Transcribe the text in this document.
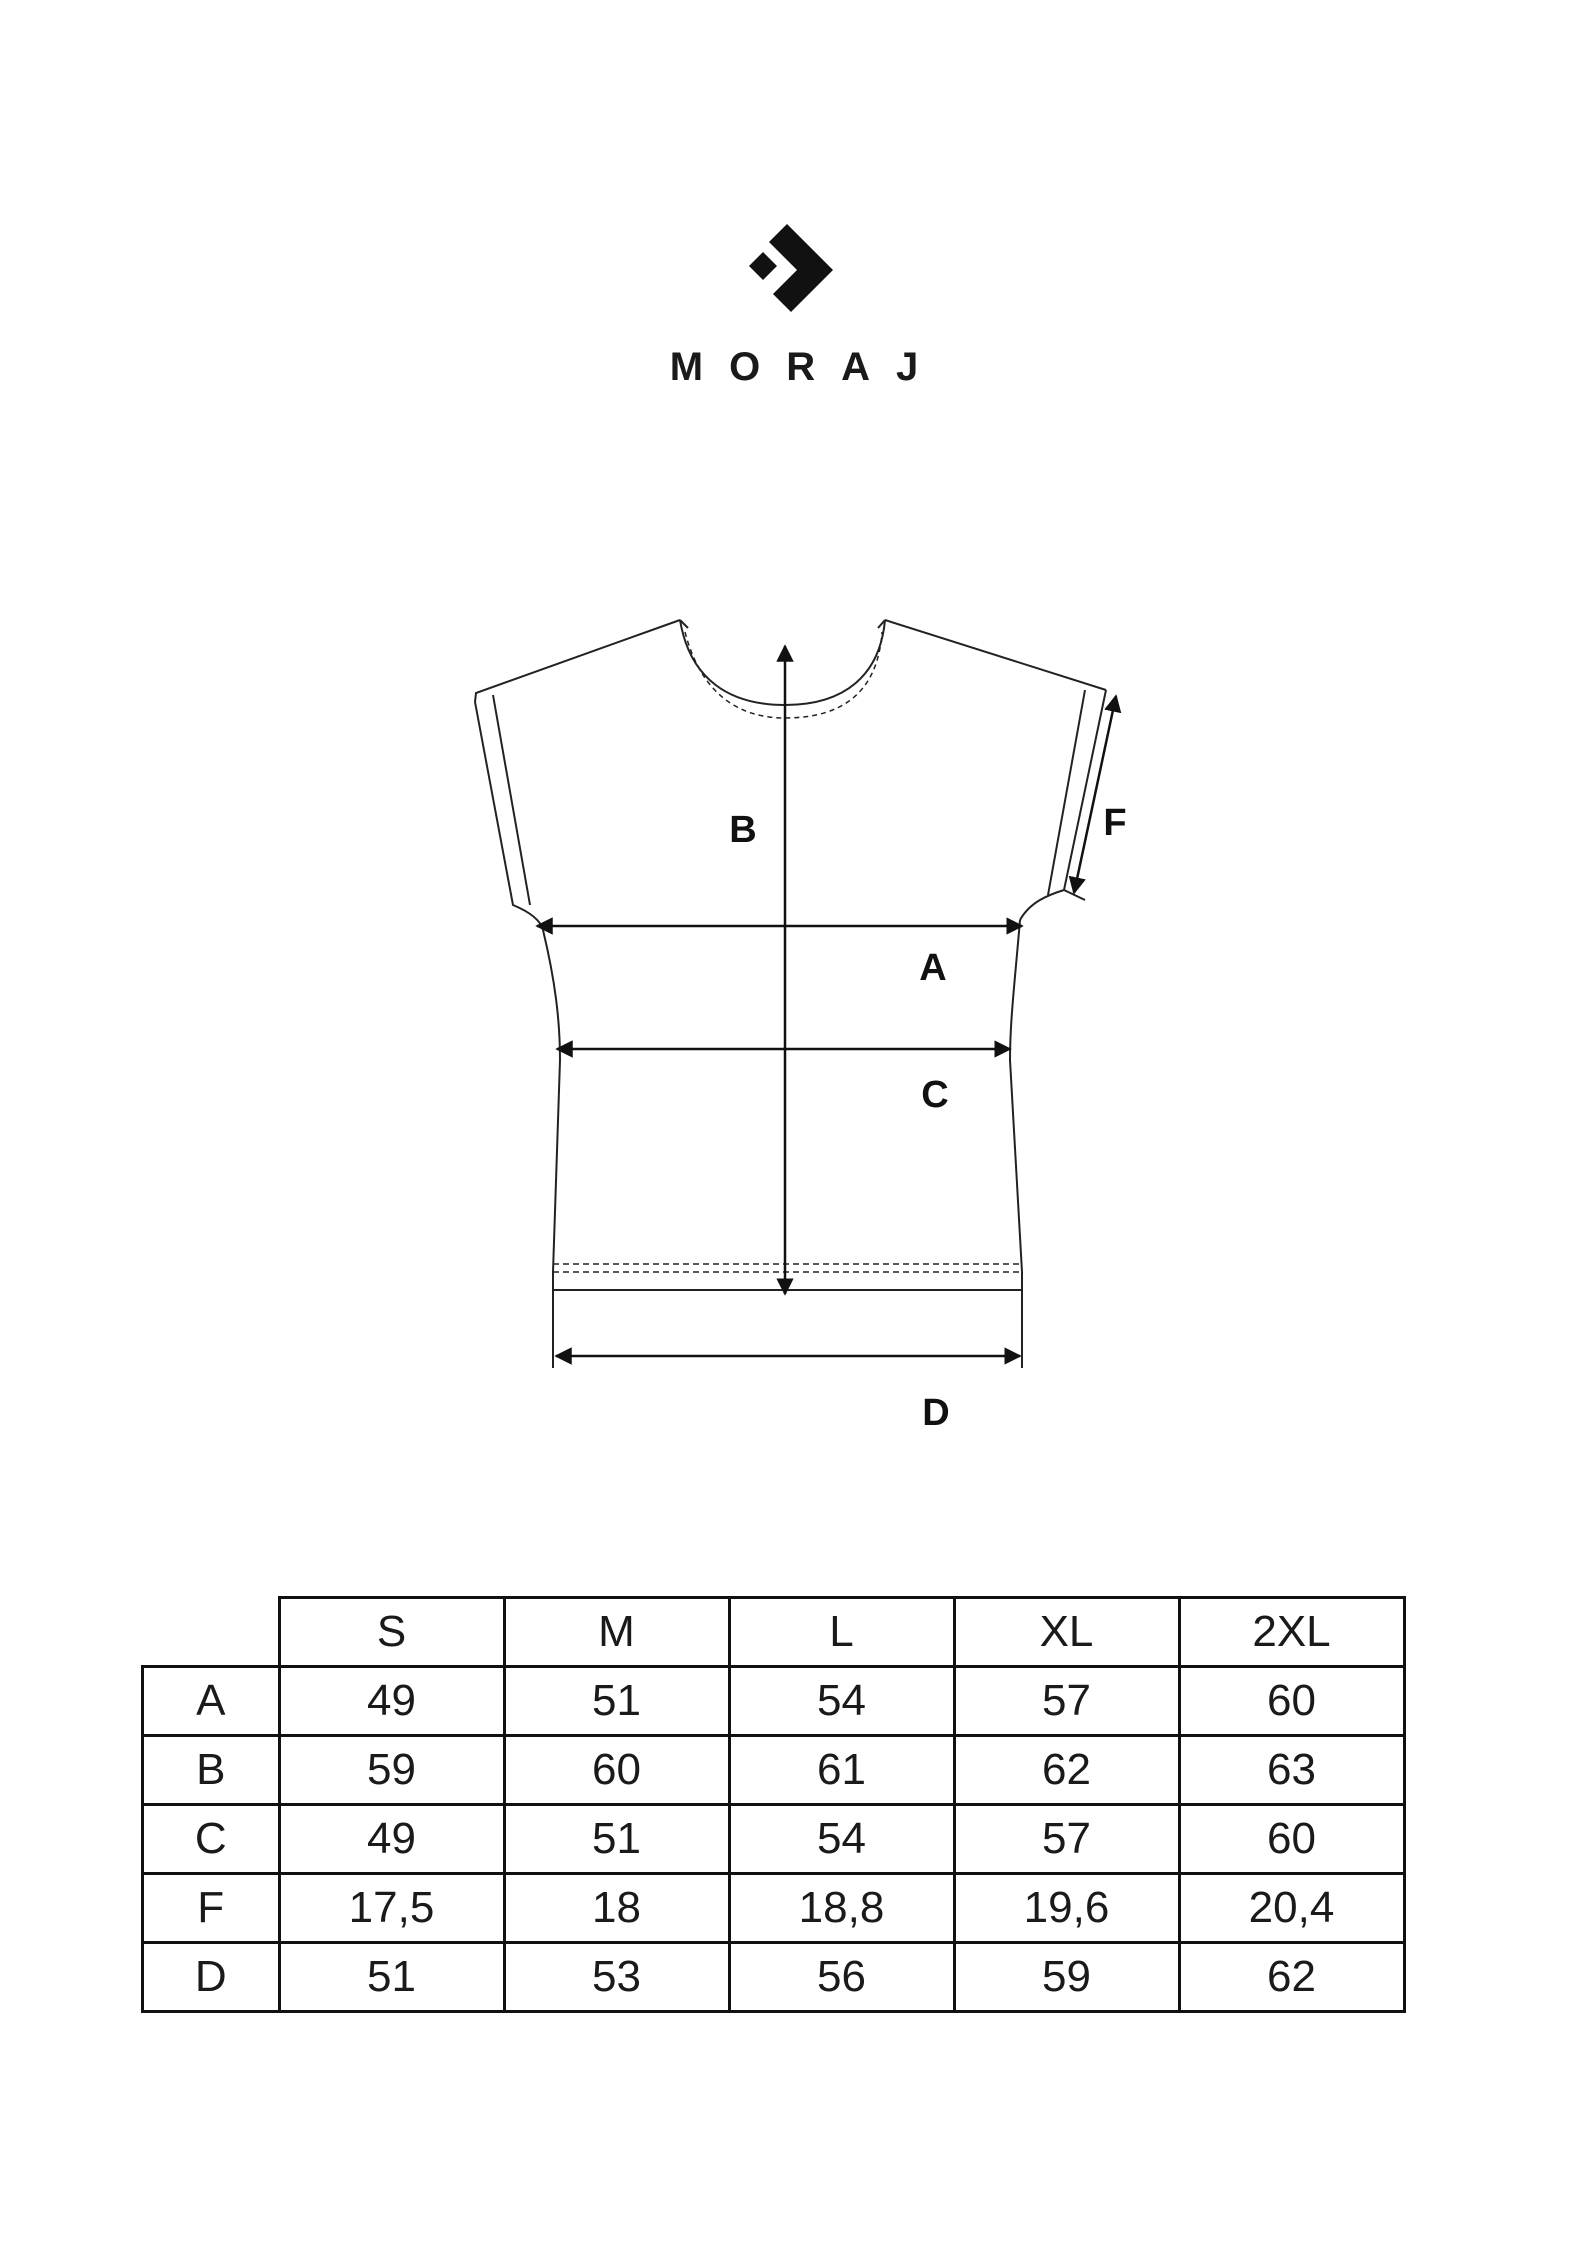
MORAJ
B	F
A
C
D
	S	M	L	XL	2XL
A	49	51	54	57	60
B	59	60	61	62	63
C	49	51	54	57	60
F	17,5	18	18,8	19,6	20,4
D	51	53	56	59	62
